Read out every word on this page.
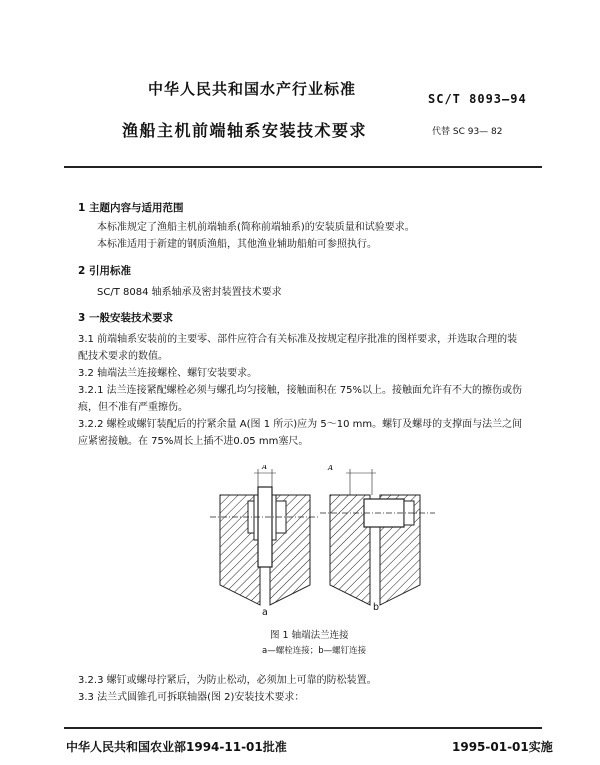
中华人民共和国水产行业标准
SC/T 8093—94
渔船主机前端轴系安装技术要求	代替 SC 93— 82
1 主题内容与适用范围
本标准规定了渔船主机前端轴系(简称前端轴系)的安装质量和试验要求。
本标准适用于新建的钢质渔船，其他渔业辅助船舶可参照执行。
2 引用标准
SC/T 8084 轴系轴承及密封装置技术要求
3 一般安装技术要求
3.1 前端轴系安装前的主要零、部件应符合有关标准及按规定程序批准的图样要求，并选取合理的装
配技术要求的数值。
3.2 轴端法兰连接螺栓、螺钉安装要求。
3.2.1 法兰连接紧配螺栓必须与螺孔均匀接触，接触面积在 75%以上。接触面允许有不大的擦伤或伤
痕，但不准有严重擦伤。
3.2.2 螺栓或螺钉装配后的拧紧余量 A(图 1 所示)应为 5～10 mm。螺钉及螺母的支撑面与法兰之间
应紧密接触。在 75%周长上插不进0.05 mm塞尺。
A	A
a	b
图 1 轴端法兰连接
a—螺栓连接；b—螺钉连接
3.2.3 螺钉或螺母拧紧后，为防止松动，必须加上可靠的防松装置。
3.3 法兰式圆锥孔可拆联轴器(图 2)安装技术要求：
中华人民共和国农业部1994-11-01批准	1995-01-01实施
